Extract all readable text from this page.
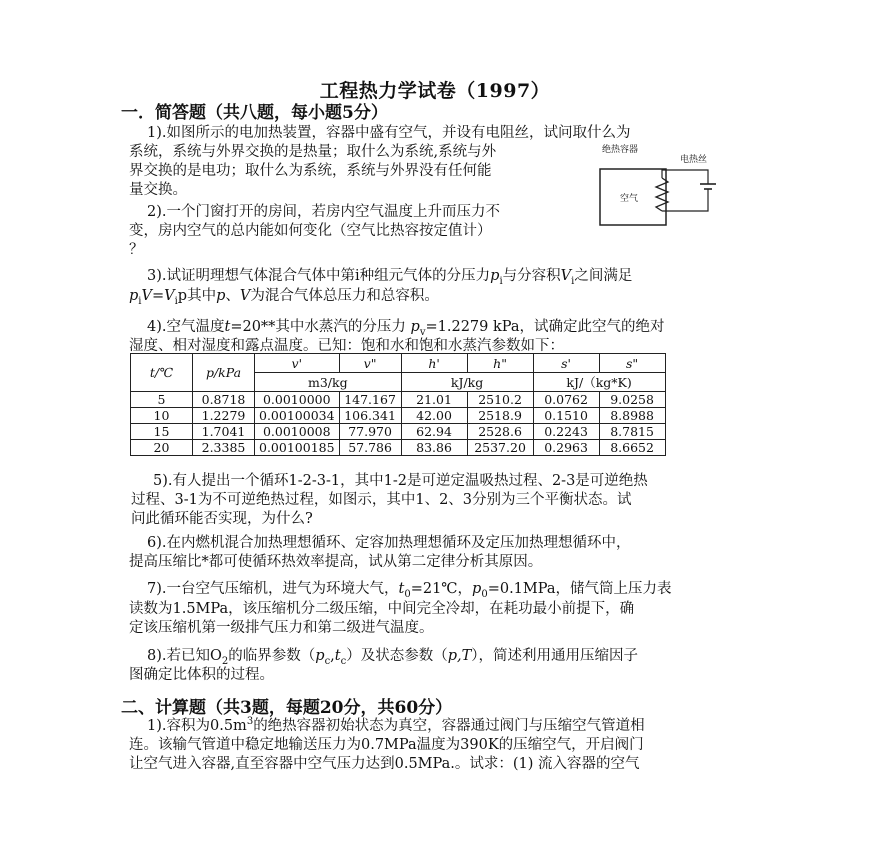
工程热力学试卷（1997）
一．简答题（共八题，每小题5分）
1).如图所示的电加热装置，容器中盛有空气，并设有电阻丝，试问取什么为
系统，系统与外界交换的是热量；取什么为系统,系统与外
界交换的是电功；取什么为系统，系统与外界没有任何能
量交换。
绝热容器
电热丝
空气
2).一个门窗打开的房间，若房内空气温度上升而压力不
变，房内空气的总内能如何变化（空气比热容按定值计）
？
3).试证明理想气体混合气体中第i种组元气体的分压力$p_i$与分容积$V_i$之间满足
$p_iV=V_ip$其中p、V为混合气体总压力和总容积。
4).空气温度t=20**其中水蒸汽的分压力 $p_v=1.2279$ kPa，试确定此空气的绝对
湿度、相对湿度和露点温度。已知：饱和水和饱和水蒸汽参数如下：
t/℃	p/kPa	v'	v"	h'	h"	s'	s"
		m3/kg		kJ/kg		kJ/（kg*K)	
5	0.8718	0.0010000	147.167	21.01	2510.2	0.0762	9.0258
10	1.2279	0.00100034	106.341	42.00	2518.9	0.1510	8.8988
15	1.7041	0.0010008	77.970	62.94	2528.6	0.2243	8.7815
20	2.3385	0.00100185	57.786	83.86	2537.20	0.2963	8.6652
5).有人提出一个循环1-2-3-1，其中1-2是可逆定温吸热过程、2-3是可逆绝热
过程、3-1为不可逆绝热过程，如图示，其中1、2、3分别为三个平衡状态。试
问此循环能否实现，为什么?
6).在内燃机混合加热理想循环、定容加热理想循环及定压加热理想循环中，
提高压缩比*都可使循环热效率提高，试从第二定律分析其原因。
7).一台空气压缩机，进气为环境大气，$t_0=21℃$，$p_0=0.1MPa$，储气筒上压力表
读数为1.5MPa，该压缩机分二级压缩，中间完全冷却，在耗功最小前提下，确
定该压缩机第一级排气压力和第二级进气温度。
8).若已知$O_2$的临界参数$(p_c,t_c)$及状态参数（p,T），简述利用通用压缩因子
图确定比体积的过程。
二、计算题（共3题，每题20分，共60分）
1).容积为$0.5m^3$的绝热容器初始状态为真空，容器通过阀门与压缩空气管道相
连。该输气管道中稳定地输送压力为0.7MPa温度为390K的压缩空气，开启阀门
让空气进入容器,直至容器中空气压力达到0.5MPa.。试求：(1) 流入容器的空气
